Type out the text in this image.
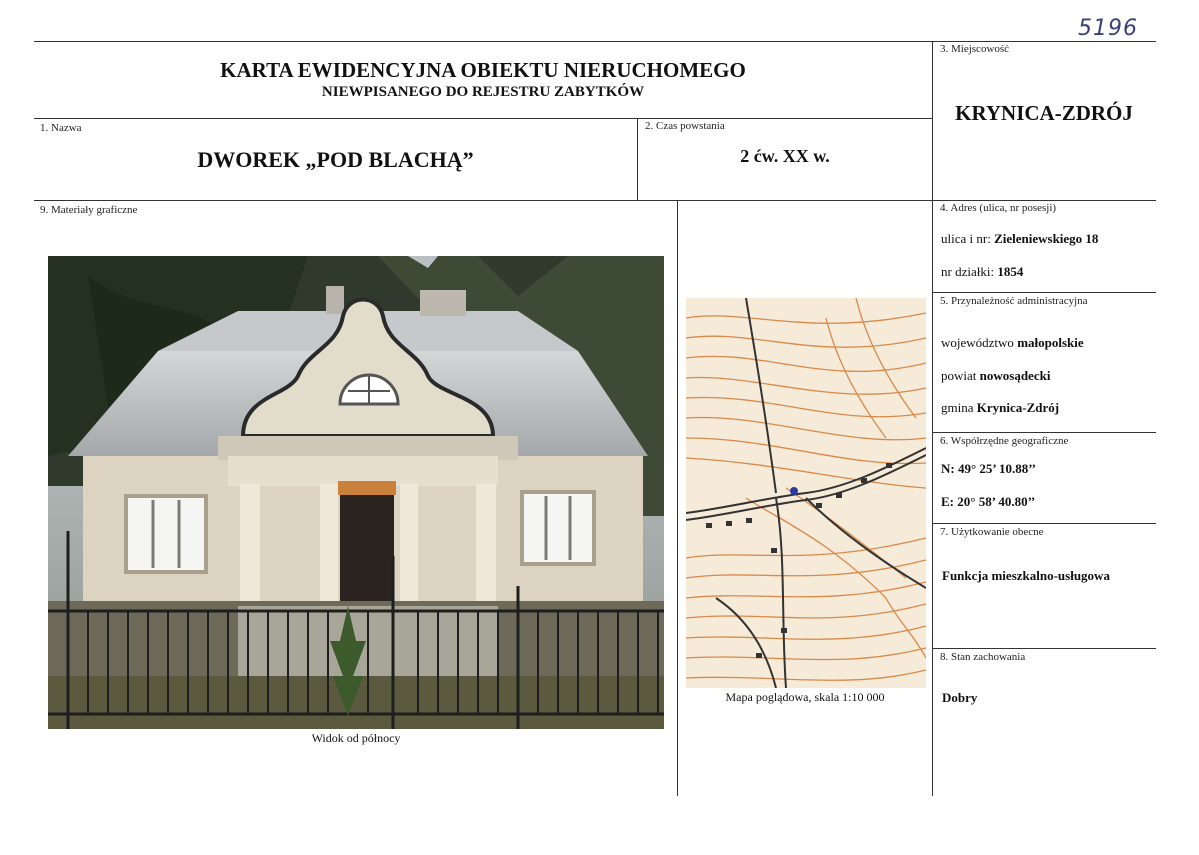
5196
KARTA EWIDENCYJNA OBIEKTU NIERUCHOMEGO
NIEWPISANEGO DO REJESTRU ZABYTKÓW
3. Miejscowość
KRYNICA-ZDRÓJ
1. Nazwa
DWOREK „POD BLACHĄ”
2. Czas powstania
2 ćw. XX w.
9. Materiały graficzne
Widok od północy
Mapa poglądowa, skala 1:10 000
4. Adres (ulica, nr posesji)
ulica i nr: Zieleniewskiego 18
nr działki: 1854
5. Przynależność administracyjna
województwo małopolskie
powiat nowosądecki
gmina Krynica-Zdrój
6. Współrzędne geograficzne
N: 49° 25’ 10.88’’
E: 20° 58’ 40.80’’
7. Użytkowanie obecne
Funkcja mieszkalno-usługowa
8. Stan zachowania
Dobry
